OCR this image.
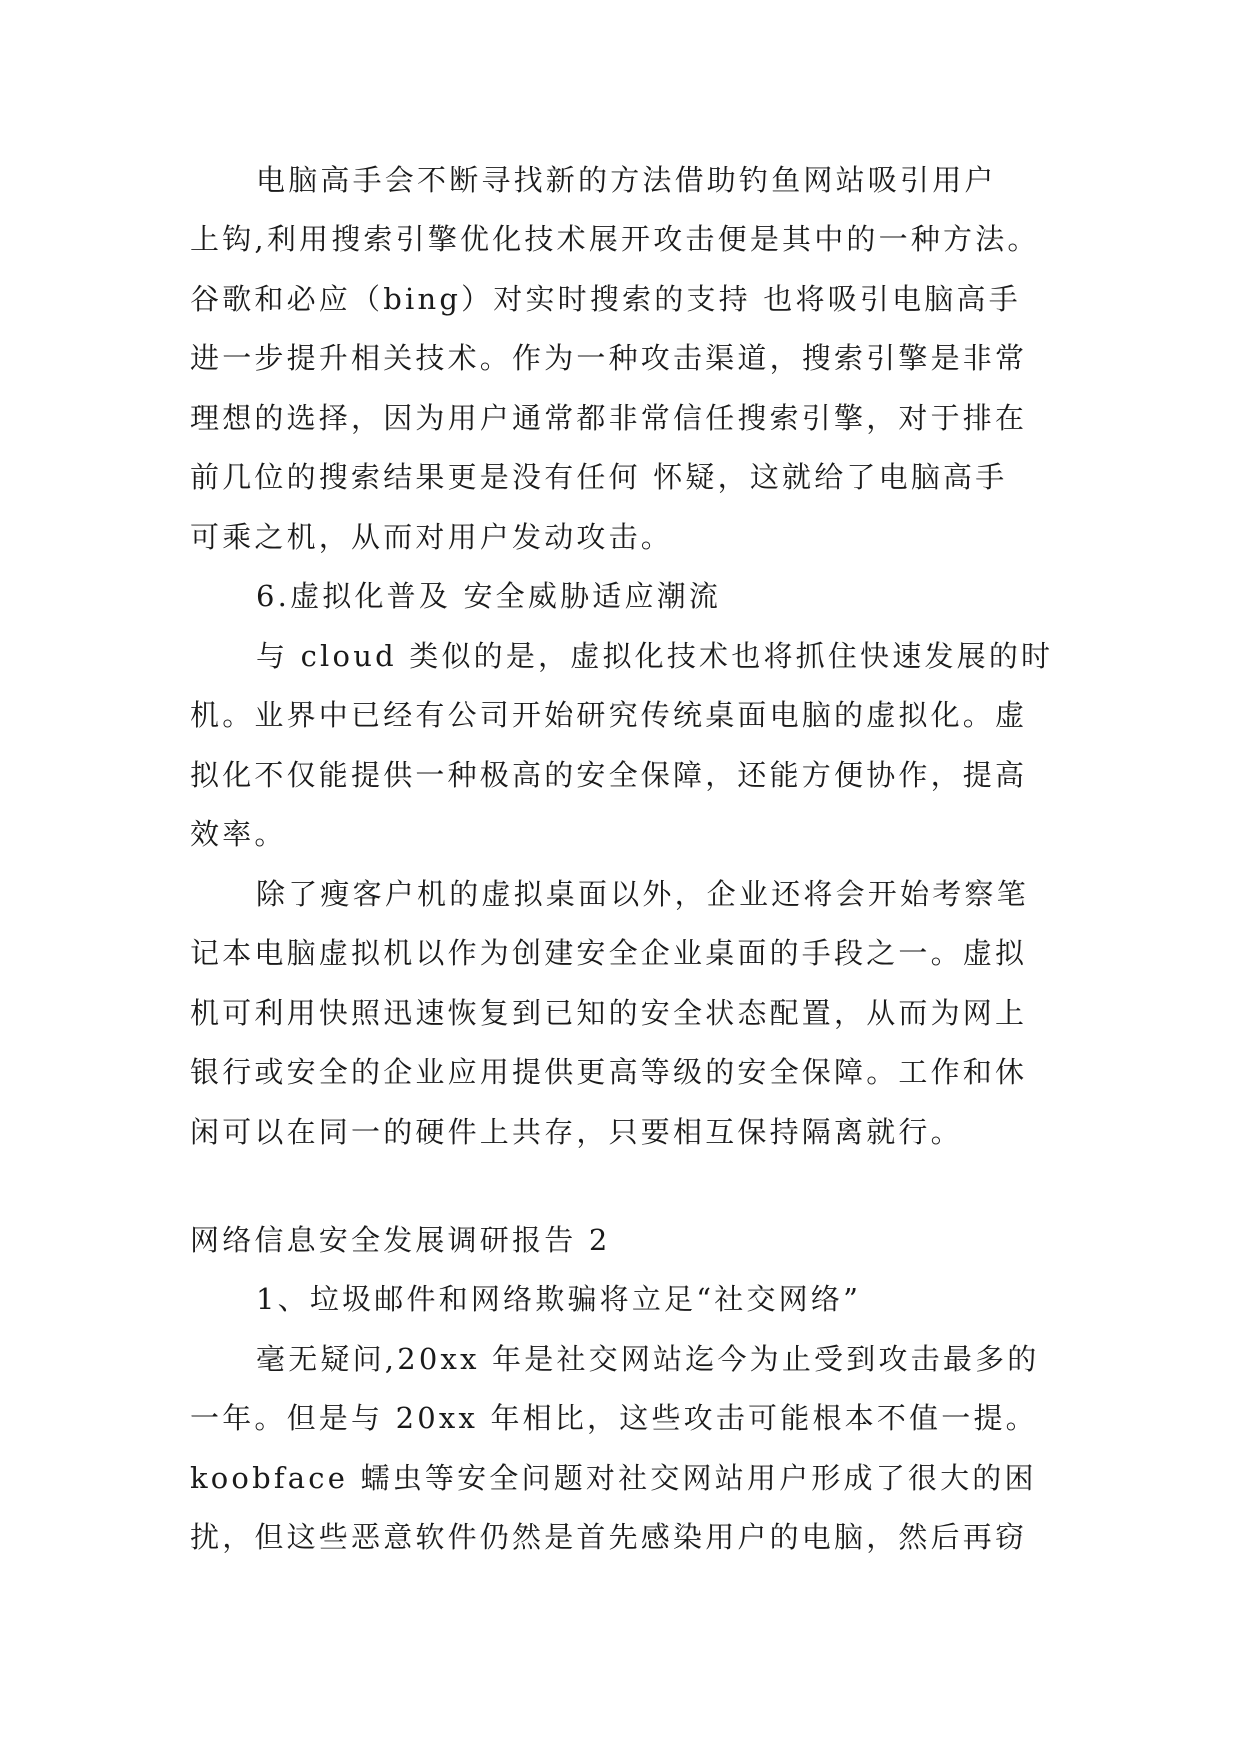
电脑高手会不断寻找新的方法借助钓鱼网站吸引用户

上钩,利用搜索引擎优化技术展开攻击便是其中的一种方法。

谷歌和必应（bing）对实时搜索的支持 也将吸引电脑高手

进一步提升相关技术。作为一种攻击渠道，搜索引擎是非常

理想的选择，因为用户通常都非常信任搜索引擎，对于排在

前几位的搜索结果更是没有任何 怀疑，这就给了电脑高手

可乘之机，从而对用户发动攻击。

6.虚拟化普及 安全威胁适应潮流

与 cloud 类似的是，虚拟化技术也将抓住快速发展的时

机。业界中已经有公司开始研究传统桌面电脑的虚拟化。虚

拟化不仅能提供一种极高的安全保障，还能方便协作，提高

效率。

除了瘦客户机的虚拟桌面以外，企业还将会开始考察笔

记本电脑虚拟机以作为创建安全企业桌面的手段之一。虚拟

机可利用快照迅速恢复到已知的安全状态配置，从而为网上

银行或安全的企业应用提供更高等级的安全保障。工作和休

闲可以在同一的硬件上共存，只要相互保持隔离就行。

网络信息安全发展调研报告 2

1、垃圾邮件和网络欺骗将立足“社交网络”

毫无疑问,20xx 年是社交网站迄今为止受到攻击最多的

一年。但是与 20xx 年相比，这些攻击可能根本不值一提。

koobface 蠕虫等安全问题对社交网站用户形成了很大的困

扰，但这些恶意软件仍然是首先感染用户的电脑，然后再窃
